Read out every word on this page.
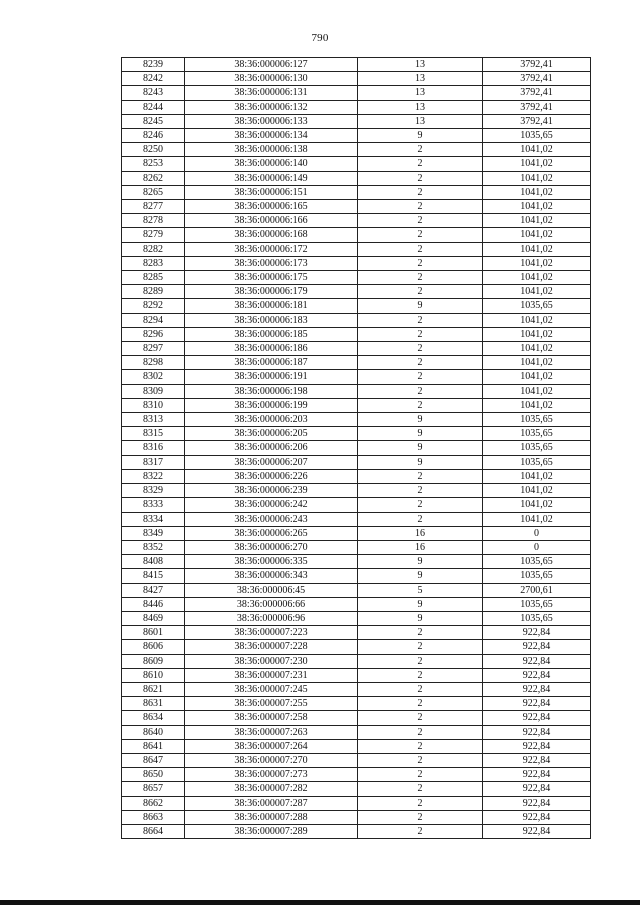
790
8239	38:36:000006:127	13	3792,41
8242	38:36:000006:130	13	3792,41
8243	38:36:000006:131	13	3792,41
8244	38:36:000006:132	13	3792,41
8245	38:36:000006:133	13	3792,41
8246	38:36:000006:134	9	1035,65
8250	38:36:000006:138	2	1041,02
8253	38:36:000006:140	2	1041,02
8262	38:36:000006:149	2	1041,02
8265	38:36:000006:151	2	1041,02
8277	38:36:000006:165	2	1041,02
8278	38:36:000006:166	2	1041,02
8279	38:36:000006:168	2	1041,02
8282	38:36:000006:172	2	1041,02
8283	38:36:000006:173	2	1041,02
8285	38:36:000006:175	2	1041,02
8289	38:36:000006:179	2	1041,02
8292	38:36:000006:181	9	1035,65
8294	38:36:000006:183	2	1041,02
8296	38:36:000006:185	2	1041,02
8297	38:36:000006:186	2	1041,02
8298	38:36:000006:187	2	1041,02
8302	38:36:000006:191	2	1041,02
8309	38:36:000006:198	2	1041,02
8310	38:36:000006:199	2	1041,02
8313	38:36:000006:203	9	1035,65
8315	38:36:000006:205	9	1035,65
8316	38:36:000006:206	9	1035,65
8317	38:36:000006:207	9	1035,65
8322	38:36:000006:226	2	1041,02
8329	38:36:000006:239	2	1041,02
8333	38:36:000006:242	2	1041,02
8334	38:36:000006:243	2	1041,02
8349	38:36:000006:265	16	0
8352	38:36:000006:270	16	0
8408	38:36:000006:335	9	1035,65
8415	38:36:000006:343	9	1035,65
8427	38:36:000006:45	5	2700,61
8446	38:36:000006:66	9	1035,65
8469	38:36:000006:96	9	1035,65
8601	38:36:000007:223	2	922,84
8606	38:36:000007:228	2	922,84
8609	38:36:000007:230	2	922,84
8610	38:36:000007:231	2	922,84
8621	38:36:000007:245	2	922,84
8631	38:36:000007:255	2	922,84
8634	38:36:000007:258	2	922,84
8640	38:36:000007:263	2	922,84
8641	38:36:000007:264	2	922,84
8647	38:36:000007:270	2	922,84
8650	38:36:000007:273	2	922,84
8657	38:36:000007:282	2	922,84
8662	38:36:000007:287	2	922,84
8663	38:36:000007:288	2	922,84
8664	38:36:000007:289	2	922,84
